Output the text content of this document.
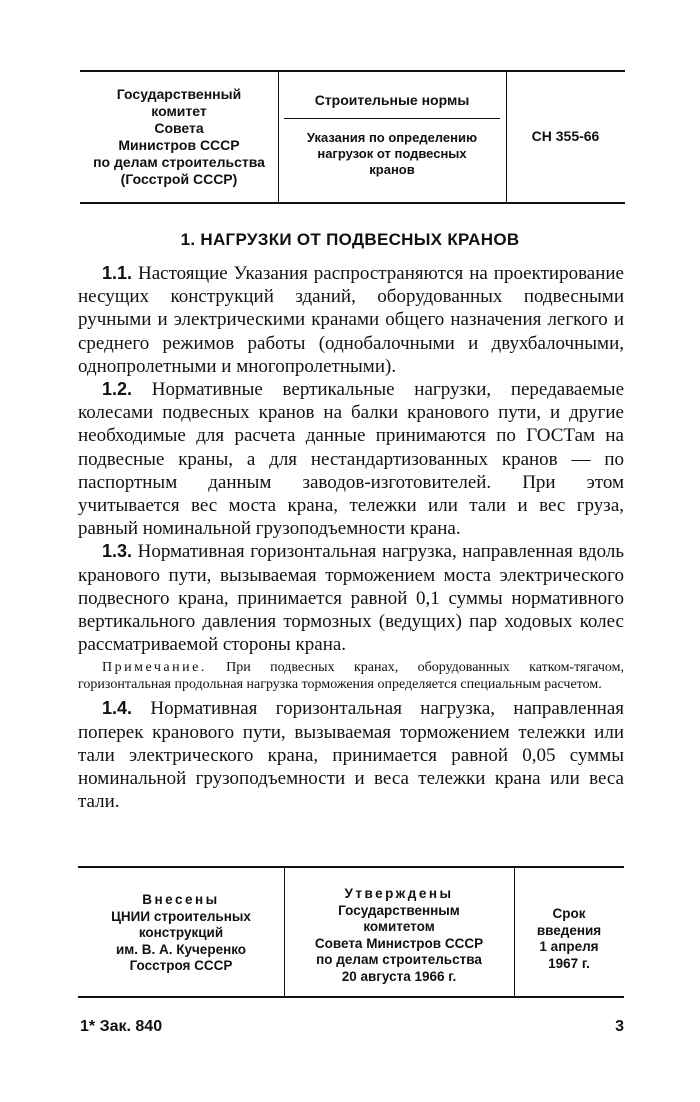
Государственный
комитет
Совета
Министров СССР
по делам строительства
(Госстрой СССР)
Строительные нормы
Указания по определению
нагрузок от подвесных
кранов
СН 355-66
1. НАГРУЗКИ ОТ ПОДВЕСНЫХ КРАНОВ

1.1. Настоящие Указания распространяются на проектирование несущих конструкций зданий, оборудованных подвесными ручными и электрическими кранами общего назначения легкого и среднего режимов работы (однобалочными и двухбалочными, однопролетными и многопролетными).

1.2. Нормативные вертикальные нагрузки, передаваемые колесами подвесных кранов на балки кранового пути, и другие необходимые для расчета данные принимаются по ГОСТам на подвесные краны, а для нестандартизованных кранов — по паспортным данным заводов-изготовителей. При этом учитывается вес моста крана, тележки или тали и вес груза, равный номинальной грузоподъемности крана.

1.3. Нормативная горизонтальная нагрузка, направленная вдоль кранового пути, вызываемая торможением моста электрического подвесного крана, принимается равной 0,1 суммы нормативного вертикального давления тормозных (ведущих) пар ходовых колес рассматриваемой стороны крана.

Примечание. При подвесных кранах, оборудованных катком-тягачом, горизонтальная продольная нагрузка торможения определяется специальным расчетом.

1.4. Нормативная горизонтальная нагрузка, направленная поперек кранового пути, вызываемая торможением тележки или тали электрического крана, принимается равной 0,05 суммы номинальной грузоподъемности и веса тележки крана или веса тали.

Внесены
ЦНИИ строительных
конструкций
им. В. А. Кучеренко
Госстроя СССР
Утверждены
Государственным
комитетом
Совета Министров СССР
по делам строительства
20 августа 1966 г.
Срок
введения
1 апреля
1967 г.
1* Зак. 840	3
